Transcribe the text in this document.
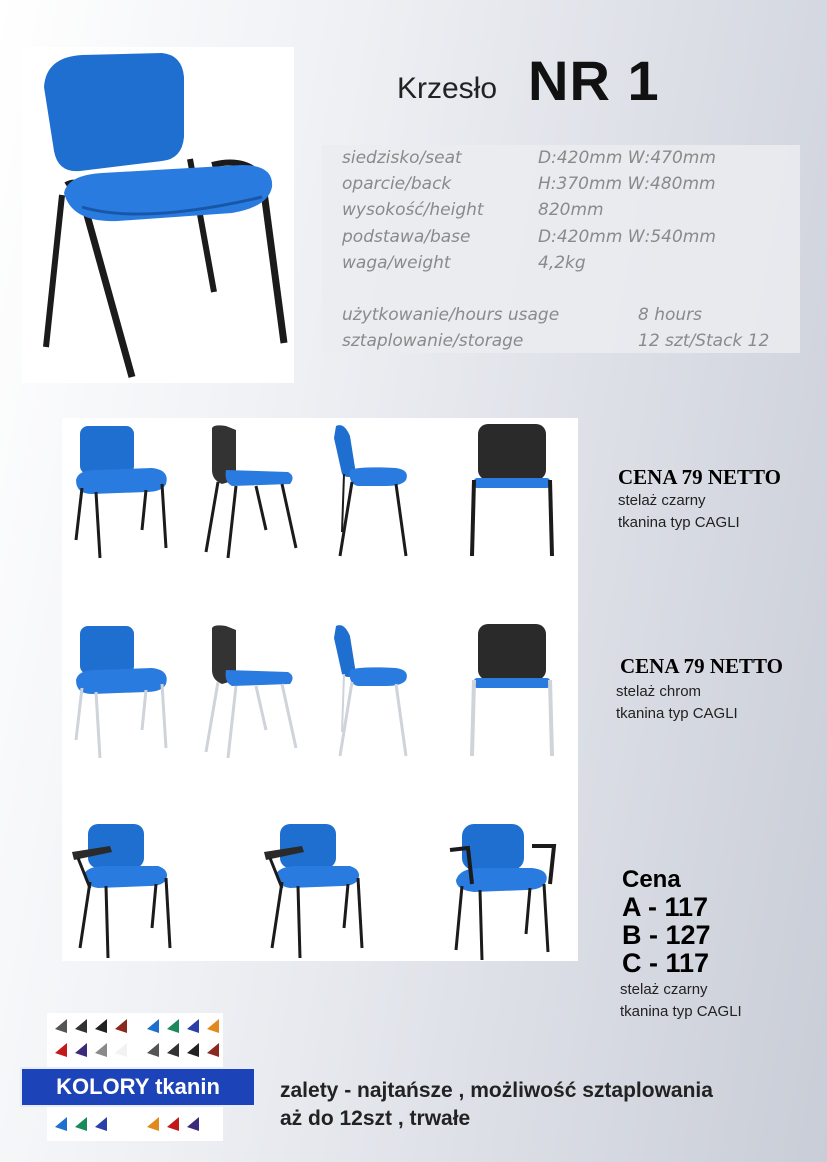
Krzesło NR 1
siedzisko/seat	D:420mm W:470mm
oparcie/back	H:370mm W:480mm
wysokość/height	820mm
podstawa/base	D:420mm W:540mm
waga/weight	4,2kg
użytkowanie/hours usage	8 hours
sztaplowanie/storage	12 szt/Stack 12
CENA 79 NETTO
stelaż czarny
tkanina typ CAGLI
CENA 79 NETTO
stelaż chrom
tkanina typ CAGLI
Cena
A - 117
B - 127
C - 117
stelaż czarny
tkanina typ CAGLI
KOLORY tkanin	zalety - najtańsze , możliwość sztaplowania
aż do 12szt , trwałe
